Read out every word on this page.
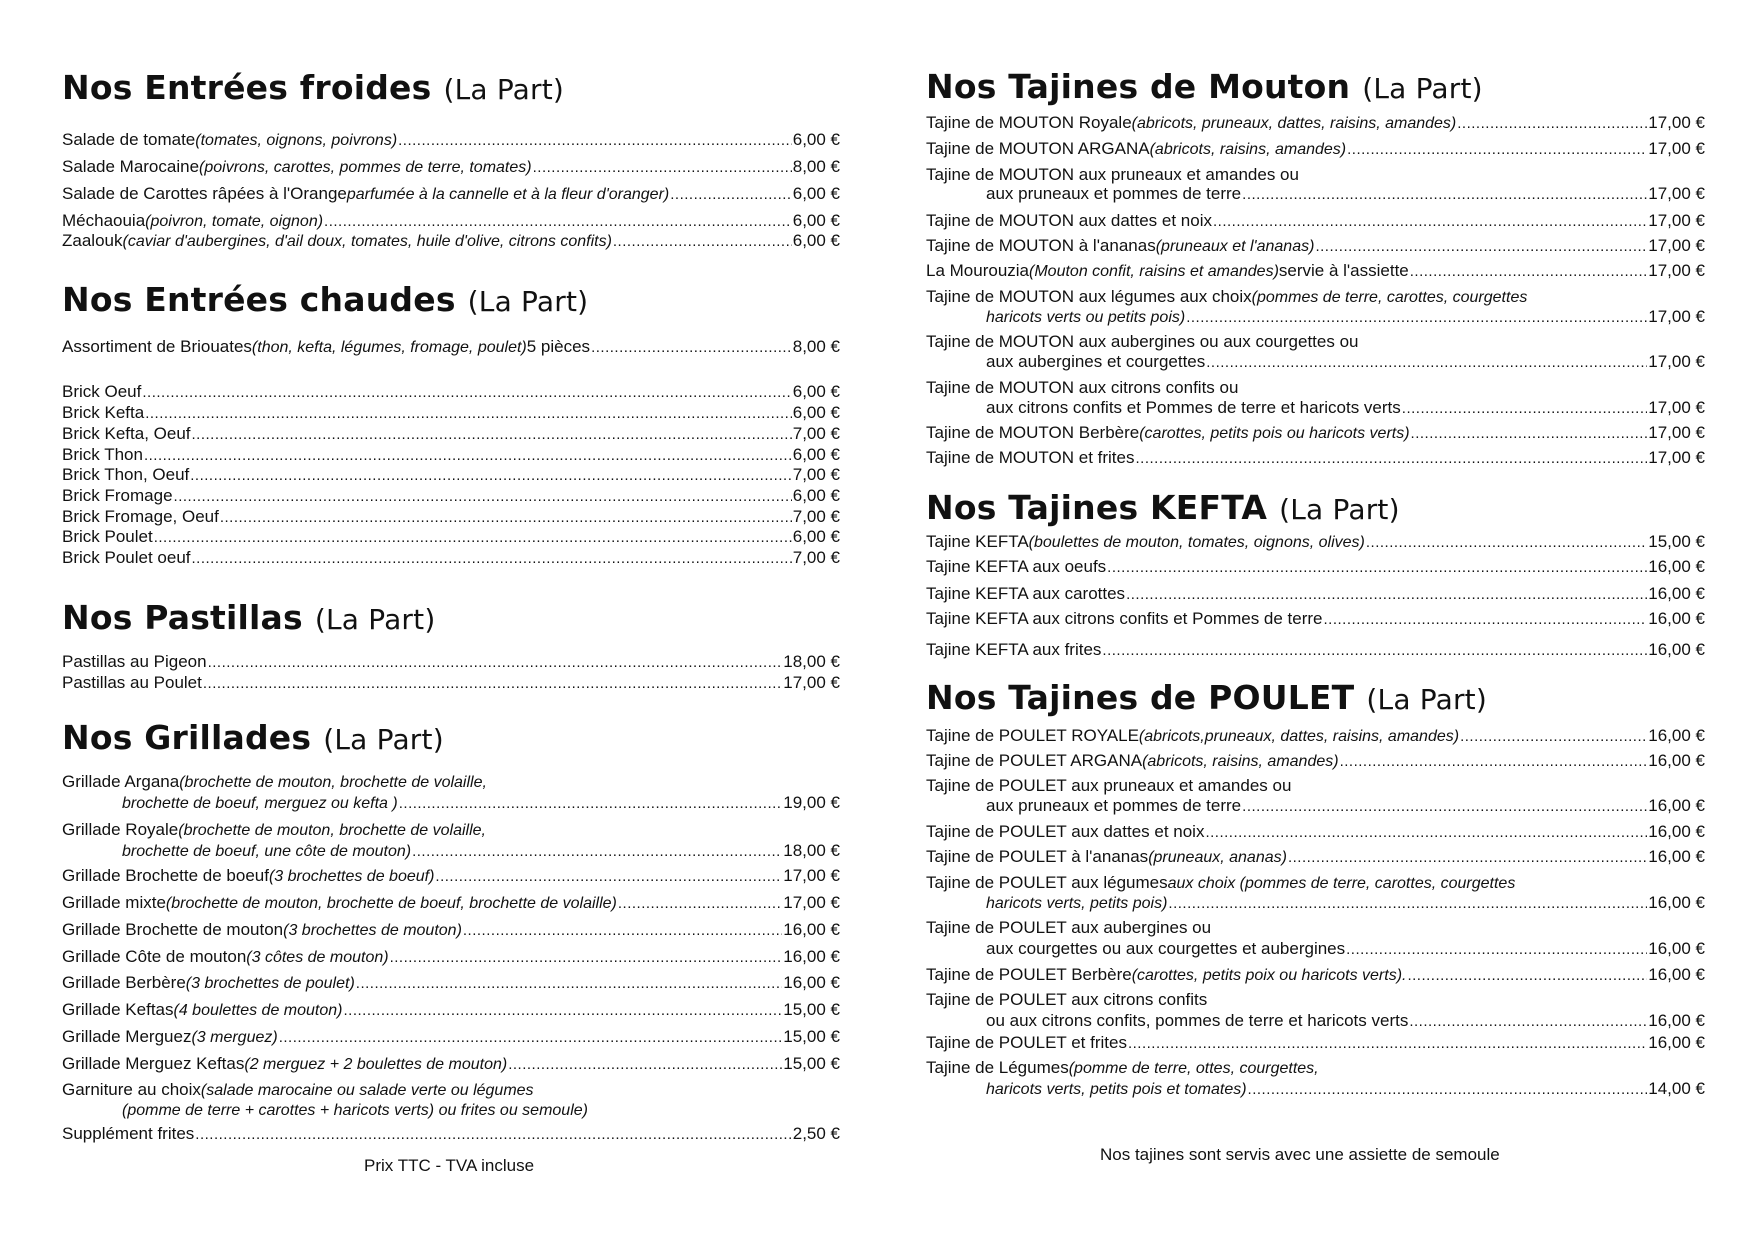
Nos Entrées froides (La Part)
Salade de tomate (tomates, oignons, poivrons) .....	6,00 €
Salade Marocaine (poivrons, carottes, pommes de terre, tomates) .....	8,00 €
Salade de Carottes râpées à l'Orange parfumée à la cannelle et à la fleur d'oranger) .....	6,00 €
Méchaouia (poivron, tomate, oignon) .....	6,00 €
Zaalouk (caviar d'aubergines, d'ail doux, tomates, huile d'olive, citrons confits) .....	6,00 €
Nos Entrées chaudes (La Part)
Assortiment de Briouates (thon, kefta, légumes, fromage, poulet) 5 pièces .....	8,00 €
Brick Oeuf .....	6,00 €
Brick Kefta .....	6,00 €
Brick Kefta, Oeuf .....	7,00 €
Brick Thon .....	6,00 €
Brick Thon, Oeuf .....	7,00 €
Brick Fromage .....	6,00 €
Brick Fromage, Oeuf .....	7,00 €
Brick Poulet .....	6,00 €
Brick Poulet oeuf .....	7,00 €
Nos Pastillas (La Part)
Pastillas au Pigeon .....	18,00 €
Pastillas au Poulet .....	17,00 €
Nos Grillades (La Part)
Grillade Argana (brochette de mouton, brochette de volaille,
brochette de boeuf, merguez ou kefta ) .....	19,00 €
Grillade Royale (brochette de mouton, brochette de volaille,
brochette de boeuf, une côte de mouton) .....	18,00 €
Grillade Brochette de boeuf (3 brochettes de boeuf) .....	17,00 €
Grillade mixte (brochette de mouton, brochette de boeuf, brochette de volaille) .....	17,00 €
Grillade Brochette de mouton (3 brochettes de mouton) .....	16,00 €
Grillade Côte de mouton (3 côtes de mouton) .....	16,00 €
Grillade Berbère (3 brochettes de poulet) .....	16,00 €
Grillade Keftas (4 boulettes de mouton) .....	15,00 €
Grillade Merguez (3 merguez) .....	15,00 €
Grillade Merguez Keftas (2 merguez + 2 boulettes de mouton) .....	15,00 €
Garniture au choix (salade marocaine ou salade verte ou légumes
(pomme de terre + carottes + haricots verts) ou frites ou semoule)
Supplément frites .....	2,50 €
Nos Tajines de Mouton (La Part)
Tajine de MOUTON Royale (abricots, pruneaux, dattes, raisins, amandes) .....	17,00 €
Tajine de MOUTON ARGANA (abricots, raisins, amandes) .....	17,00 €
Tajine de MOUTON aux pruneaux et amandes ou
aux pruneaux et pommes de terre .....	17,00 €
Tajine de MOUTON aux dattes et noix .....	17,00 €
Tajine de MOUTON à l'ananas (pruneaux et l'ananas) .....	17,00 €
La Mourouzia (Mouton confit, raisins et amandes) servie à l'assiette .....	17,00 €
Tajine de MOUTON aux légumes aux choix (pommes de terre, carottes, courgettes
haricots verts ou petits pois) .....	17,00 €
Tajine de MOUTON aux aubergines ou aux courgettes ou
aux aubergines et courgettes .....	17,00 €
Tajine de MOUTON aux citrons confits ou
aux citrons confits et Pommes de terre et haricots verts .....	17,00 €
Tajine de MOUTON Berbère (carottes, petits pois ou haricots verts) .....	17,00 €
Tajine de MOUTON et frites .....	17,00 €
Nos Tajines KEFTA (La Part)
Tajine KEFTA (boulettes de mouton, tomates, oignons, olives) .....	15,00 €
Tajine KEFTA aux oeufs .....	16,00 €
Tajine KEFTA aux carottes .....	16,00 €
Tajine KEFTA aux citrons confits et Pommes de terre .....	16,00 €
Tajine KEFTA aux frites .....	16,00 €
Nos Tajines de POULET (La Part)
Tajine de POULET ROYALE (abricots,pruneaux, dattes, raisins, amandes) .....	16,00 €
Tajine de POULET ARGANA (abricots, raisins, amandes) .....	16,00 €
Tajine de POULET aux pruneaux et amandes ou
aux pruneaux et pommes de terre .....	16,00 €
Tajine de POULET aux dattes et noix .....	16,00 €
Tajine de POULET à l'ananas (pruneaux, ananas) .....	16,00 €
Tajine de POULET aux légumes aux choix (pommes de terre, carottes, courgettes
haricots verts, petits pois) .....	16,00 €
Tajine de POULET aux aubergines ou
aux courgettes ou aux courgettes et aubergines .....	16,00 €
Tajine de POULET Berbère (carottes, petits poix ou haricots verts). .....	16,00 €
Tajine de POULET aux citrons confits
ou aux citrons confits, pommes de terre et haricots verts .....	16,00 €
Tajine de POULET et frites .....	16,00 €
Tajine de Légumes (pomme de terre, ottes, courgettes,
haricots verts, petits pois et tomates) .....	14,00 €
Prix TTC - TVA incluse
Nos tajines sont servis avec une assiette de semoule
